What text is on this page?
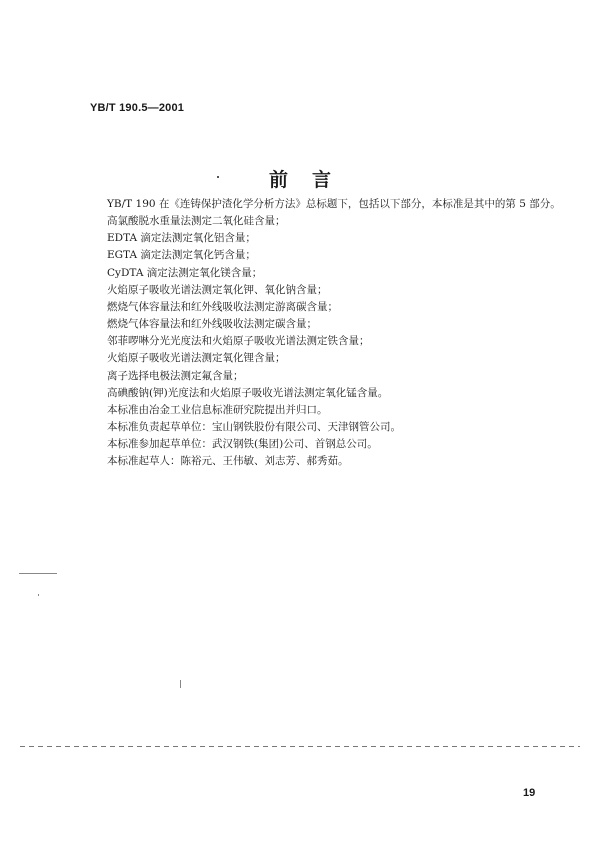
YB/T 190.5—2001
前言
YB/T 190 在《连铸保护渣化学分析方法》总标题下，包括以下部分，本标准是其中的第 5 部分。
高氯酸脱水重量法测定二氧化硅含量；
EDTA 滴定法测定氧化铝含量；
EGTA 滴定法测定氧化钙含量；
CyDTA 滴定法测定氧化镁含量；
火焰原子吸收光谱法测定氧化钾、氧化钠含量；
燃烧气体容量法和红外线吸收法测定游离碳含量；
燃烧气体容量法和红外线吸收法测定碳含量；
邻菲啰啉分光光度法和火焰原子吸收光谱法测定铁含量；
火焰原子吸收光谱法测定氧化锂含量；
离子选择电极法测定氟含量；
高碘酸钠(钾)光度法和火焰原子吸收光谱法测定氧化锰含量。
本标准由冶金工业信息标准研究院提出并归口。
本标准负责起草单位：宝山钢铁股份有限公司、天津钢管公司。
本标准参加起草单位：武汉钢铁(集团)公司、首钢总公司。
本标准起草人：陈裕元、王伟敏、刘志芳、郝秀茹。
19
